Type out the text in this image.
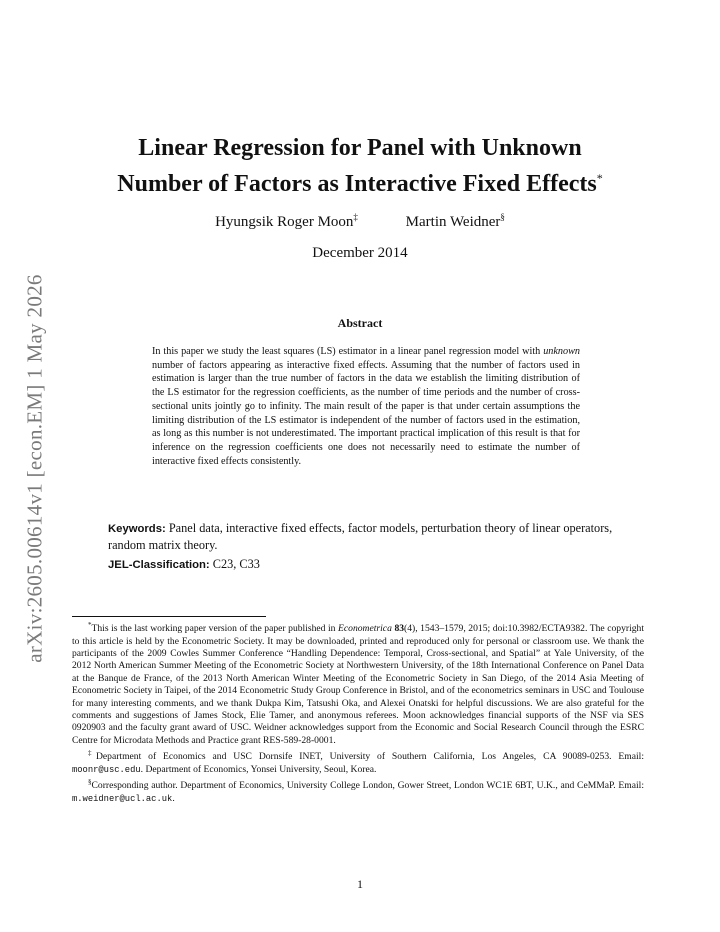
arXiv:2605.00614v1 [econ.EM] 1 May 2026
Linear Regression for Panel with Unknown
Number of Factors as Interactive Fixed Effects*
Hyungsik Roger Moon‡	Martin Weidner§
December 2014
Abstract
In this paper we study the least squares (LS) estimator in a linear panel regression model with unknown number of factors appearing as interactive fixed effects. Assuming that the number of factors used in estimation is larger than the true number of factors in the data we establish the limiting distribution of the LS estimator for the regression coefficients, as the number of time periods and the number of cross-sectional units jointly go to infinity. The main result of the paper is that under certain assumptions the limiting distribution of the LS estimator is independent of the number of factors used in the estimation, as long as this number is not underestimated. The important practical implication of this result is that for inference on the regression coefficients one does not necessarily need to estimate the number of interactive fixed effects consistently.
Keywords: Panel data, interactive fixed effects, factor models, perturbation theory of linear operators, random matrix theory.
JEL-Classification: C23, C33

*This is the last working paper version of the paper published in Econometrica 83(4), 1543–1579, 2015; doi:10.3982/ECTA9382. The copyright to this article is held by the Econometric Society. It may be downloaded, printed and reproduced only for personal or classroom use. We thank the participants of the 2009 Cowles Summer Conference “Handling Dependence: Temporal, Cross-sectional, and Spatial” at Yale University, of the 2012 North American Summer Meeting of the Econometric Society at Northwestern University, of the 18th International Conference on Panel Data at the Banque de France, of the 2013 North American Winter Meeting of the Econometric Society in San Diego, of the 2014 Asia Meeting of Econometric Society in Taipei, of the 2014 Econometric Study Group Conference in Bristol, and of the econometrics seminars in USC and Toulouse for many interesting comments, and we thank Dukpa Kim, Tatsushi Oka, and Alexei Onatski for helpful discussions. We are also grateful for the comments and suggestions of James Stock, Elie Tamer, and anonymous referees. Moon acknowledges financial supports of the NSF via SES 0920903 and the faculty grant award of USC. Weidner acknowledges support from the Economic and Social Research Council through the ESRC Centre for Microdata Methods and Practice grant RES-589-28-0001.

‡Department of Economics and USC Dornsife INET, University of Southern California, Los Angeles, CA 90089-0253. Email: moonr@usc.edu. Department of Economics, Yonsei University, Seoul, Korea.

§Corresponding author. Department of Economics, University College London, Gower Street, London WC1E 6BT, U.K., and CeMMaP. Email: m.weidner@ucl.ac.uk.

1
